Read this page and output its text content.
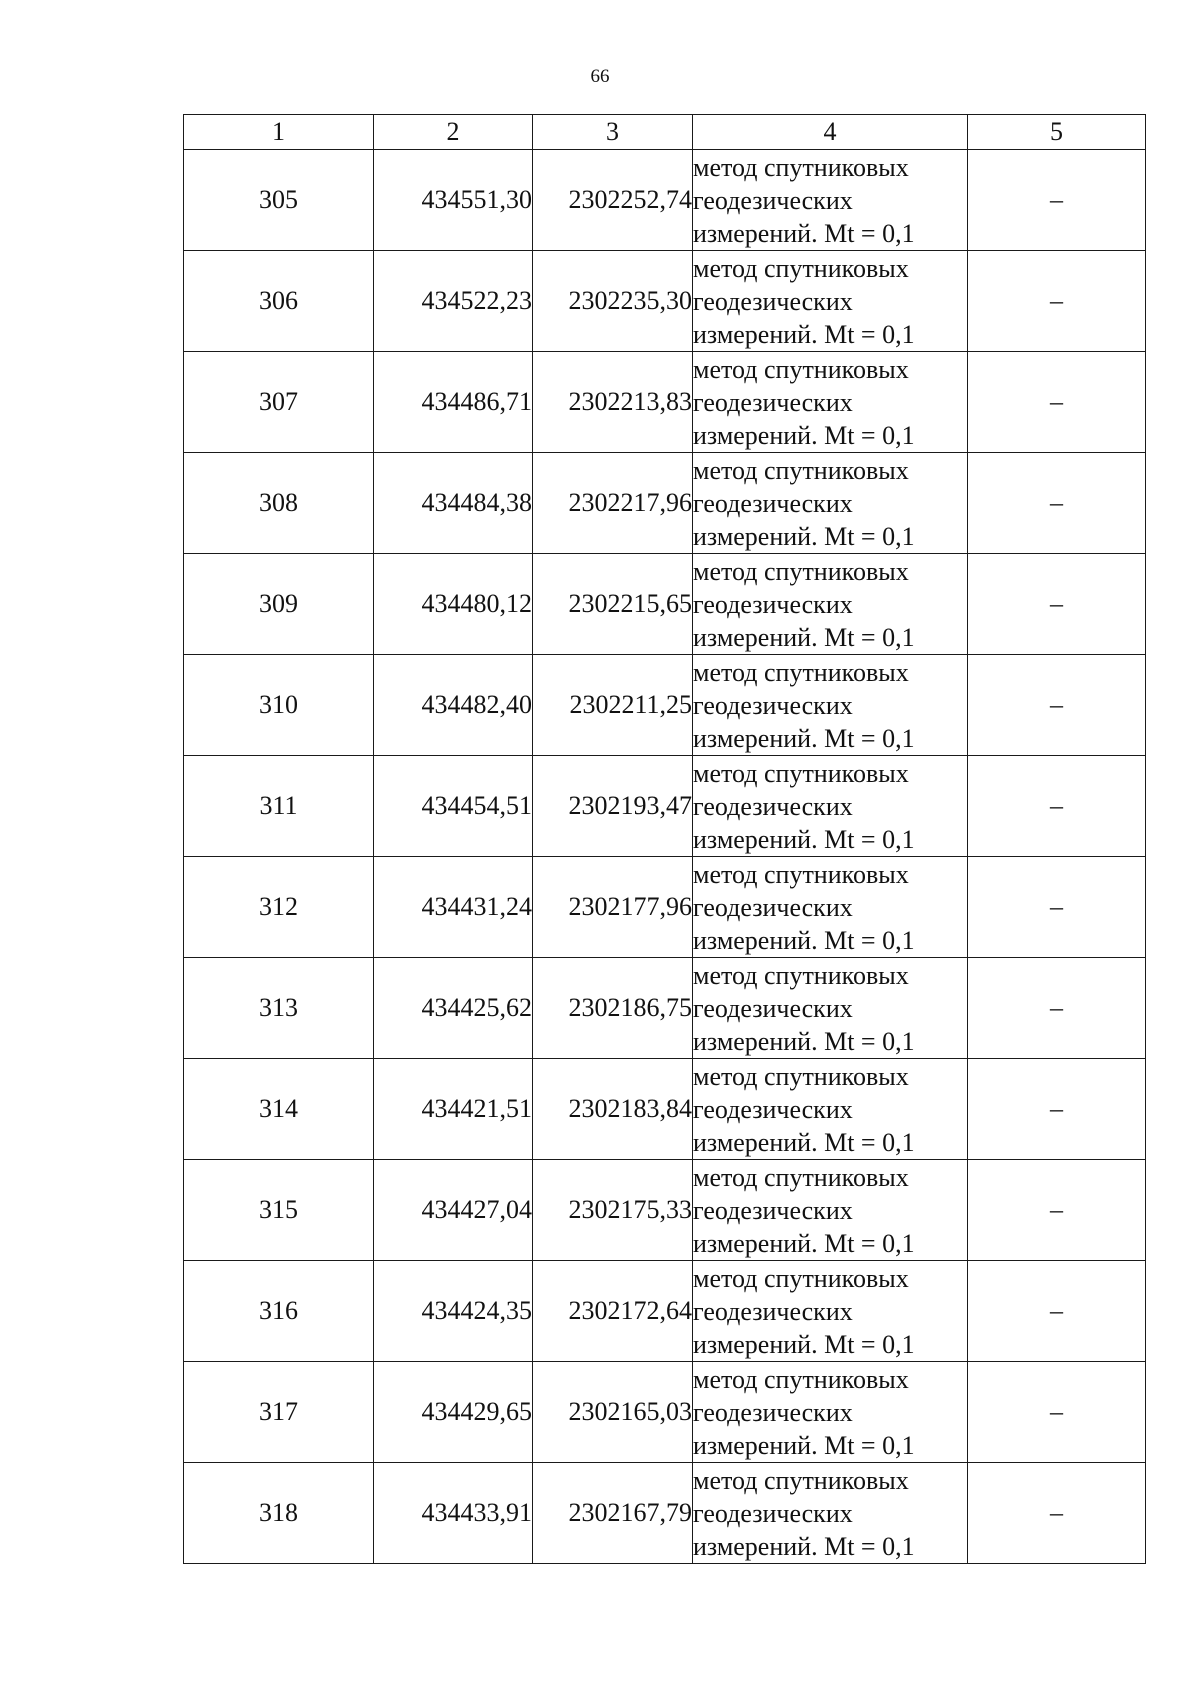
66
1	2	3	4	5
305	434551,30	2302252,74	метод спутниковых
геодезических
измерений. Mt = 0,1	–
306	434522,23	2302235,30	метод спутниковых
геодезических
измерений. Mt = 0,1	–
307	434486,71	2302213,83	метод спутниковых
геодезических
измерений. Mt = 0,1	–
308	434484,38	2302217,96	метод спутниковых
геодезических
измерений. Mt = 0,1	–
309	434480,12	2302215,65	метод спутниковых
геодезических
измерений. Mt = 0,1	–
310	434482,40	2302211,25	метод спутниковых
геодезических
измерений. Mt = 0,1	–
311	434454,51	2302193,47	метод спутниковых
геодезических
измерений. Mt = 0,1	–
312	434431,24	2302177,96	метод спутниковых
геодезических
измерений. Mt = 0,1	–
313	434425,62	2302186,75	метод спутниковых
геодезических
измерений. Mt = 0,1	–
314	434421,51	2302183,84	метод спутниковых
геодезических
измерений. Mt = 0,1	–
315	434427,04	2302175,33	метод спутниковых
геодезических
измерений. Mt = 0,1	–
316	434424,35	2302172,64	метод спутниковых
геодезических
измерений. Mt = 0,1	–
317	434429,65	2302165,03	метод спутниковых
геодезических
измерений. Mt = 0,1	–
318	434433,91	2302167,79	метод спутниковых
геодезических
измерений. Mt = 0,1	–
